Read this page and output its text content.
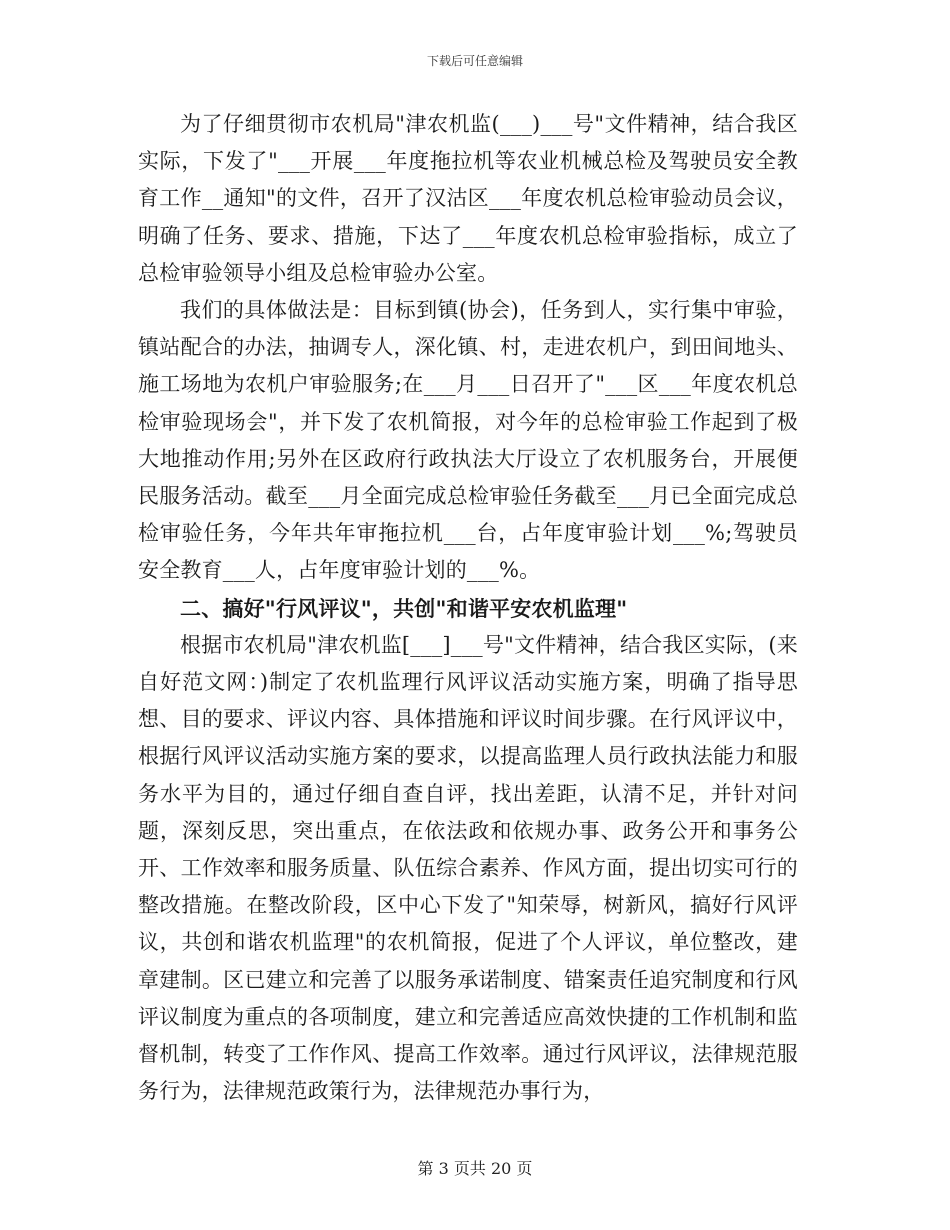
下载后可任意编辑

为了仔细贯彻市农机局"津农机监(___)___号"文件精神，结合我区实际，下发了"___开展___年度拖拉机等农业机械总检及驾驶员安全教育工作__通知"的文件，召开了汉沽区___年度农机总检审验动员会议，明确了任务、要求、措施，下达了___年度农机总检审验指标，成立了总检审验领导小组及总检审验办公室。

我们的具体做法是：目标到镇(协会)，任务到人，实行集中审验，镇站配合的办法，抽调专人，深化镇、村，走进农机户，到田间地头、施工场地为农机户审验服务;在___月___日召开了"___区___年度农机总检审验现场会"，并下发了农机简报，对今年的总检审验工作起到了极大地推动作用;另外在区政府行政执法大厅设立了农机服务台，开展便民服务活动。截至___月全面完成总检审验任务截至___月已全面完成总检审验任务，今年共年审拖拉机___台，占年度审验计划___%;驾驶员安全教育___人，占年度审验计划的___%。

二、搞好"行风评议"，共创"和谐平安农机监理"

根据市农机局"津农机监[___]___号"文件精神，结合我区实际，(来自好范文网：)制定了农机监理行风评议活动实施方案，明确了指导思想、目的要求、评议内容、具体措施和评议时间步骤。在行风评议中，根据行风评议活动实施方案的要求，以提高监理人员行政执法能力和服务水平为目的，通过仔细自查自评，找出差距，认清不足，并针对问题，深刻反思，突出重点，在依法政和依规办事、政务公开和事务公开、工作效率和服务质量、队伍综合素养、作风方面，提出切实可行的整改措施。在整改阶段，区中心下发了"知荣辱，树新风，搞好行风评议，共创和谐农机监理"的农机简报，促进了个人评议，单位整改，建章建制。区已建立和完善了以服务承诺制度、错案责任追究制度和行风评议制度为重点的各项制度，建立和完善适应高效快捷的工作机制和监督机制，转变了工作作风、提高工作效率。通过行风评议，法律规范服务行为，法律规范政策行为，法律规范办事行为，

第 3 页共 20 页
